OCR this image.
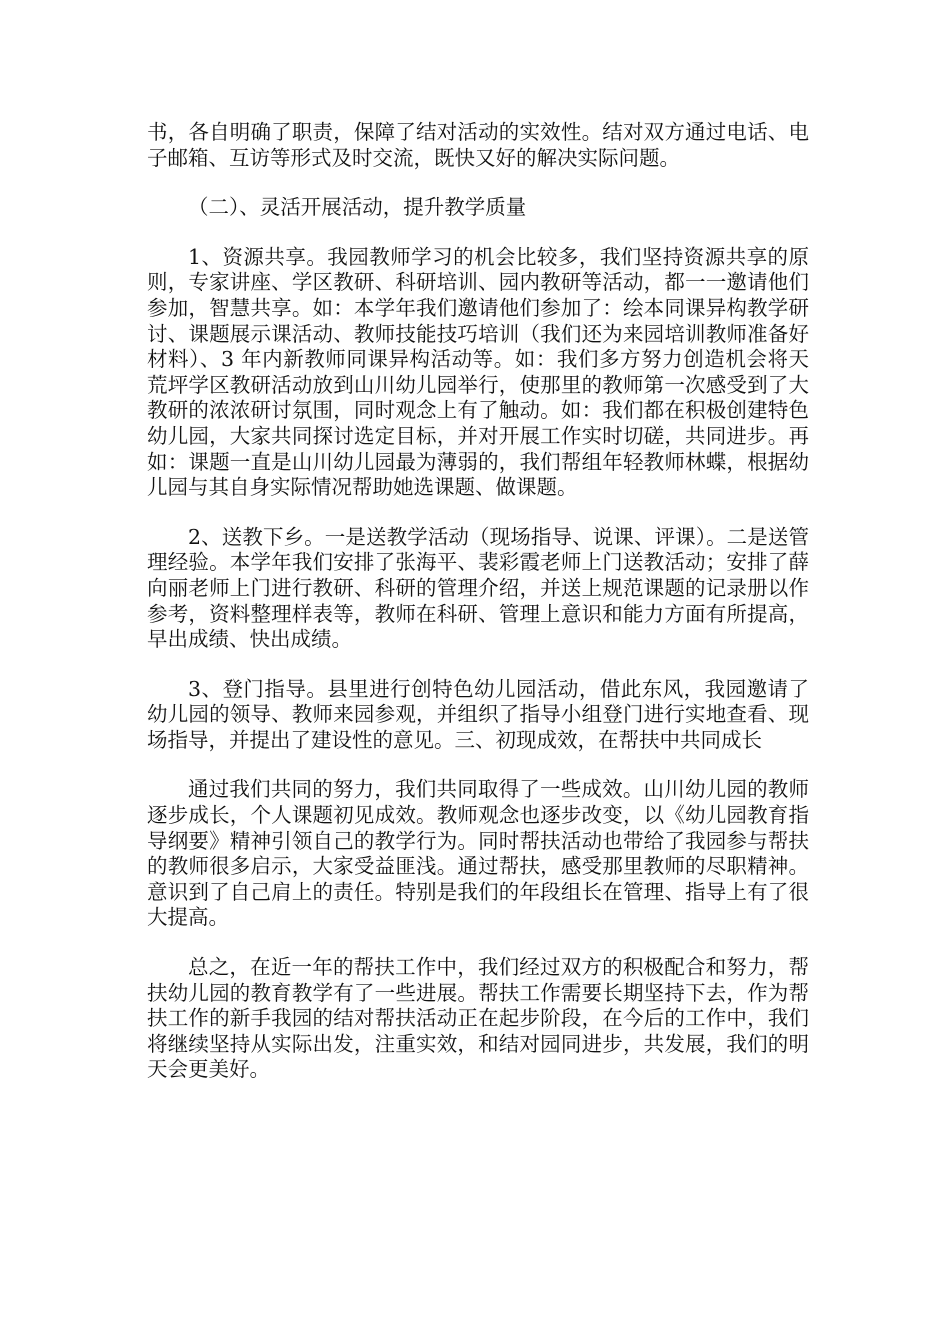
书，各自明确了职责，保障了结对活动的实效性。结对双方通过电话、电子邮箱、互访等形式及时交流，既快又好的解决实际问题。

（二）、灵活开展活动，提升教学质量

1、资源共享。我园教师学习的机会比较多，我们坚持资源共享的原则，专家讲座、学区教研、科研培训、园内教研等活动，都一一邀请他们参加，智慧共享。如：本学年我们邀请他们参加了：绘本同课异构教学研讨、课题展示课活动、教师技能技巧培训（我们还为来园培训教师准备好材料）、3 年内新教师同课异构活动等。如：我们多方努力创造机会将天荒坪学区教研活动放到山川幼儿园举行，使那里的教师第一次感受到了大教研的浓浓研讨氛围，同时观念上有了触动。如：我们都在积极创建特色幼儿园，大家共同探讨选定目标，并对开展工作实时切磋，共同进步。再如：课题一直是山川幼儿园最为薄弱的，我们帮组年轻教师林蝶，根据幼儿园与其自身实际情况帮助她选课题、做课题。

2、送教下乡。一是送教学活动（现场指导、说课、评课）。二是送管理经验。本学年我们安排了张海平、裴彩霞老师上门送教活动；安排了薛向丽老师上门进行教研、科研的管理介绍，并送上规范课题的记录册以作参考，资料整理样表等，教师在科研、管理上意识和能力方面有所提高，早出成绩、快出成绩。

3、登门指导。县里进行创特色幼儿园活动，借此东风，我园邀请了幼儿园的领导、教师来园参观，并组织了指导小组登门进行实地查看、现场指导，并提出了建设性的意见。三、初现成效，在帮扶中共同成长

通过我们共同的努力，我们共同取得了一些成效。山川幼儿园的教师逐步成长，个人课题初见成效。教师观念也逐步改变，以《幼儿园教育指导纲要》精神引领自己的教学行为。同时帮扶活动也带给了我园参与帮扶的教师很多启示，大家受益匪浅。通过帮扶，感受那里教师的尽职精神。意识到了自己肩上的责任。特别是我们的年段组长在管理、指导上有了很大提高。

总之，在近一年的帮扶工作中，我们经过双方的积极配合和努力，帮扶幼儿园的教育教学有了一些进展。帮扶工作需要长期坚持下去，作为帮扶工作的新手我园的结对帮扶活动正在起步阶段，在今后的工作中，我们将继续坚持从实际出发，注重实效，和结对园同进步，共发展，我们的明天会更美好。
